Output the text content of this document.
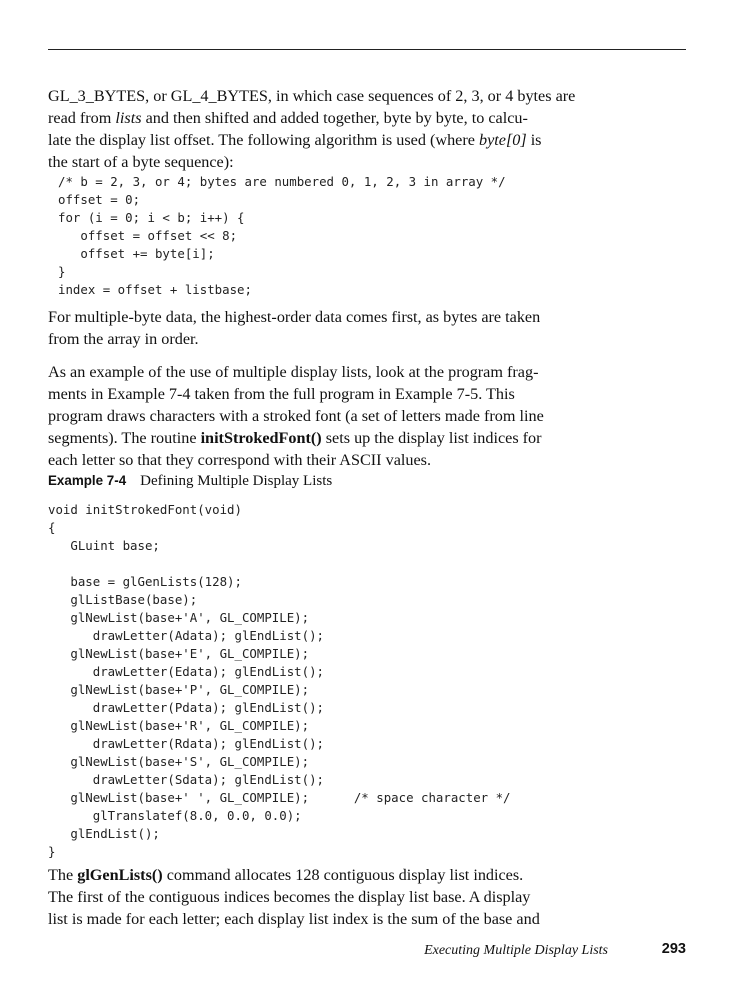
GL_3_BYTES, or GL_4_BYTES, in which case sequences of 2, 3, or 4 bytes are
read from lists and then shifted and added together, byte by byte, to calcu-
late the display list offset. The following algorithm is used (where byte[0] is
the start of a byte sequence):

/* b = 2, 3, or 4; bytes are numbered 0, 1, 2, 3 in array */
offset = 0;
for (i = 0; i < b; i++) {
offset = offset << 8;
offset += byte[i];
}
index = offset + listbase;

For multiple-byte data, the highest-order data comes first, as bytes are taken
from the array in order.

As an example of the use of multiple display lists, look at the program frag-
ments in Example 7-4 taken from the full program in Example 7-5. This
program draws characters with a stroked font (a set of letters made from line
segments). The routine initStrokedFont() sets up the display list indices for
each letter so that they correspond with their ASCII values.

Example 7-4 Defining Multiple Display Lists
void initStrokedFont(void)
{
GLuint base;
base = glGenLists(128);
glListBase(base);
glNewList(base+'A', GL_COMPILE);
drawLetter(Adata); glEndList();
glNewList(base+'E', GL_COMPILE);
drawLetter(Edata); glEndList();
glNewList(base+'P', GL_COMPILE);
drawLetter(Pdata); glEndList();
glNewList(base+'R', GL_COMPILE);
drawLetter(Rdata); glEndList();
glNewList(base+'S', GL_COMPILE);
drawLetter(Sdata); glEndList();
glNewList(base+' ', GL_COMPILE);      /* space character */
glTranslatef(8.0, 0.0, 0.0);
glEndList();
}

The glGenLists() command allocates 128 contiguous display list indices.
The first of the contiguous indices becomes the display list base. A display
list is made for each letter; each display list index is the sum of the base and

Executing Multiple Display Lists	293
